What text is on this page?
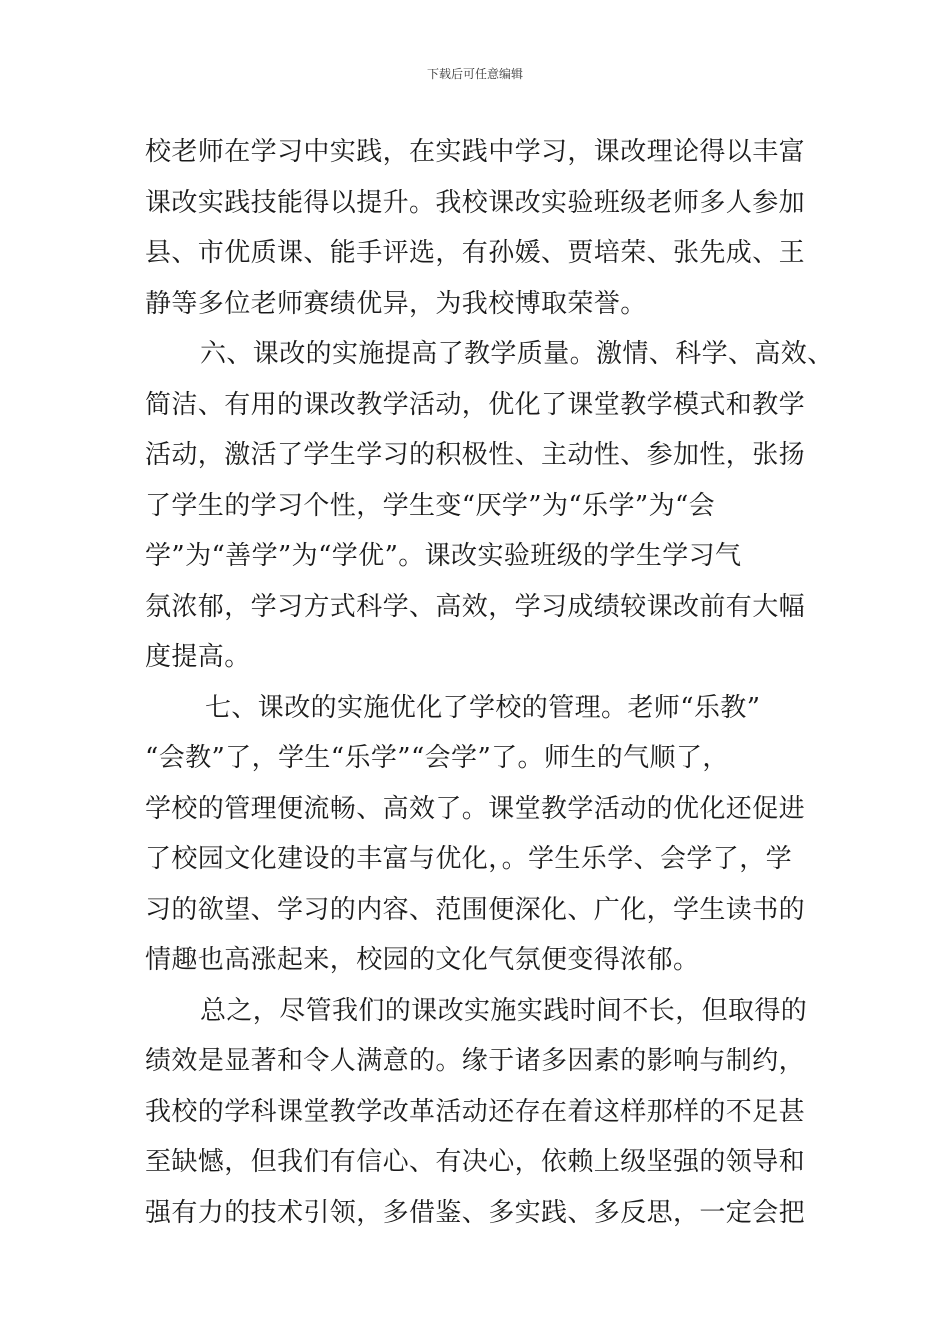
下载后可任意编辑
校老师在学习中实践，在实践中学习，课改理论得以丰富
课改实践技能得以提升。我校课改实验班级老师多人参加
县、市优质课、能手评选，有孙媛、贾培荣、张先成、王
静等多位老师赛绩优异，为我校博取荣誉。
六、课改的实施提高了教学质量。激情、科学、高效、
简洁、有用的课改教学活动，优化了课堂教学模式和教学
活动，激活了学生学习的积极性、主动性、参加性，张扬
了学生的学习个性，学生变“厌学”为“乐学”为“会
学”为“善学”为“学优”。课改实验班级的学生学习气
氛浓郁，学习方式科学、高效，学习成绩较课改前有大幅
度提高。
七、课改的实施优化了学校的管理。老师“乐教”
“会教”了，学生“乐学”“会学”了。师生的气顺了，
学校的管理便流畅、高效了。课堂教学活动的优化还促进
了校园文化建设的丰富与优化，。学生乐学、会学了，学
习的欲望、学习的内容、范围便深化、广化，学生读书的
情趣也高涨起来，校园的文化气氛便变得浓郁。
总之，尽管我们的课改实施实践时间不长，但取得的
绩效是显著和令人满意的。缘于诸多因素的影响与制约，
我校的学科课堂教学改革活动还存在着这样那样的不足甚
至缺憾，但我们有信心、有决心，依赖上级坚强的领导和
强有力的技术引领，多借鉴、多实践、多反思，一定会把
